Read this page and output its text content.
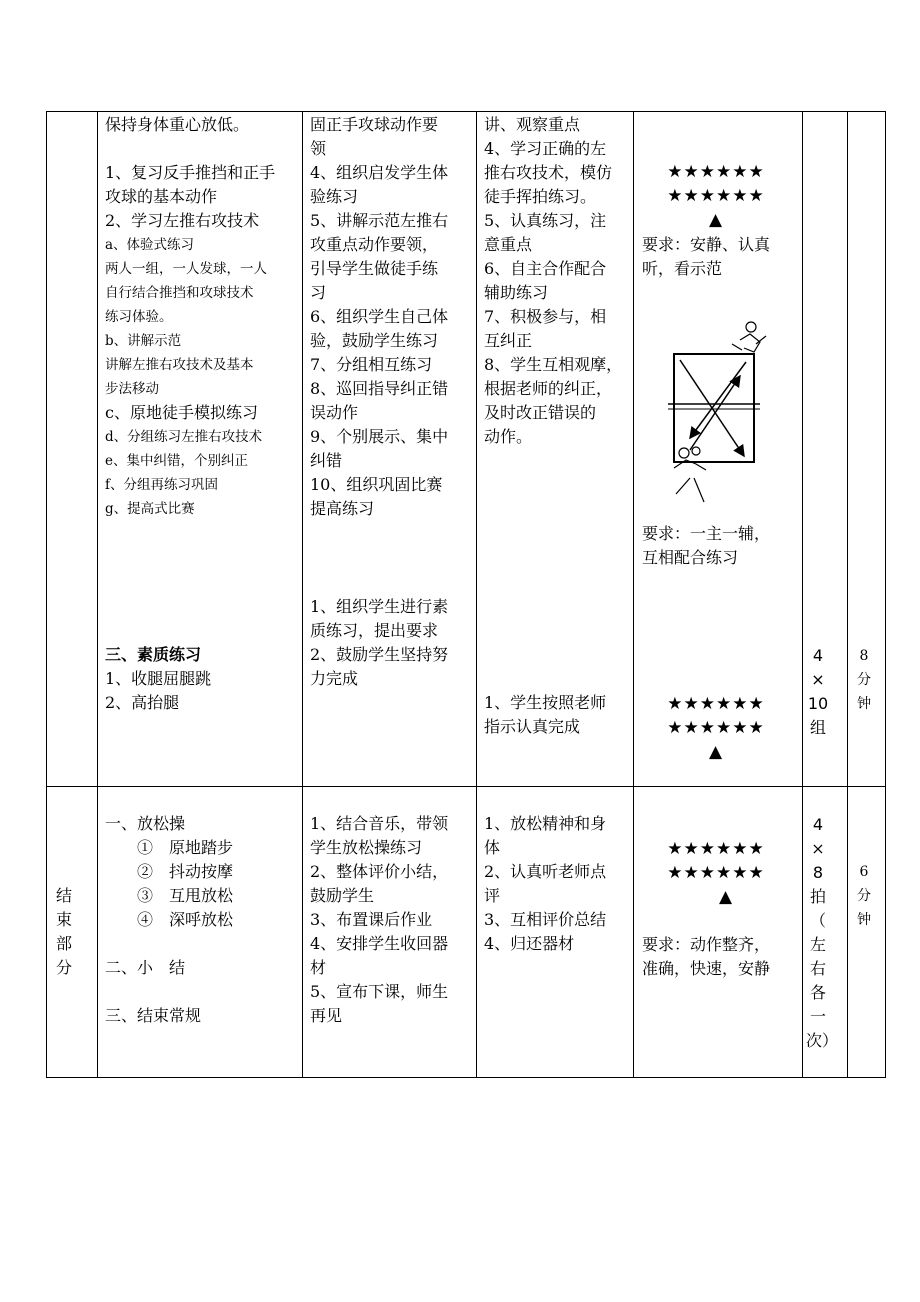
保持身体重心放低。
1、复习反手推挡和正手
攻球的基本动作
2、学习左推右攻技术
a、体验式练习
两人一组，一人发球，一人
自行结合推挡和攻球技术
练习体验。
b、讲解示范
讲解左推右攻技术及基本
步法移动
c、原地徒手模拟练习
d、分组练习左推右攻技术
e、集中纠错，个别纠正
f、分组再练习巩固
g、提高式比赛
三、素质练习
1、收腿屈腿跳
2、高抬腿
固正手攻球动作要
领
4、组织启发学生体
验练习
5、讲解示范左推右
攻重点动作要领，
引导学生做徒手练
习
6、组织学生自己体
验，鼓励学生练习
7、分组相互练习
8、巡回指导纠正错
误动作
9、个别展示、集中
纠错
10、组织巩固比赛
提高练习
1、组织学生进行素
质练习，提出要求
2、鼓励学生坚持努
力完成
讲、观察重点
4、学习正确的左
推右攻技术，模仿
徒手挥拍练习。
5、认真练习，注
意重点
6、自主合作配合
辅助练习
7、积极参与，相
互纠正
8、学生互相观摩，
根据老师的纠正，
及时改正错误的
动作。
1、学生按照老师
指示认真完成
★★★★★★
★★★★★★
▲
要求：安静、认真
听，看示范
要求：一主一辅，
互相配合练习
★★★★★★
★★★★★★
▲
4
×
10
组
8
分
钟
结
束
部
分
一、放松操
①　原地踏步
②　抖动按摩
③　互甩放松
④　深呼放松
二、小　结
三、结束常规
1、结合音乐，带领
学生放松操练习
2、整体评价小结，
鼓励学生
3、布置课后作业
4、安排学生收回器
材
5、宣布下课，师生
再见
1、放松精神和身
体
2、认真听老师点
评
3、互相评价总结
4、归还器材
★★★★★★
★★★★★★
▲
要求：动作整齐，
准确，快速，安静
4
×
8
拍
（
左
右
各
一
次）
6
分
钟
